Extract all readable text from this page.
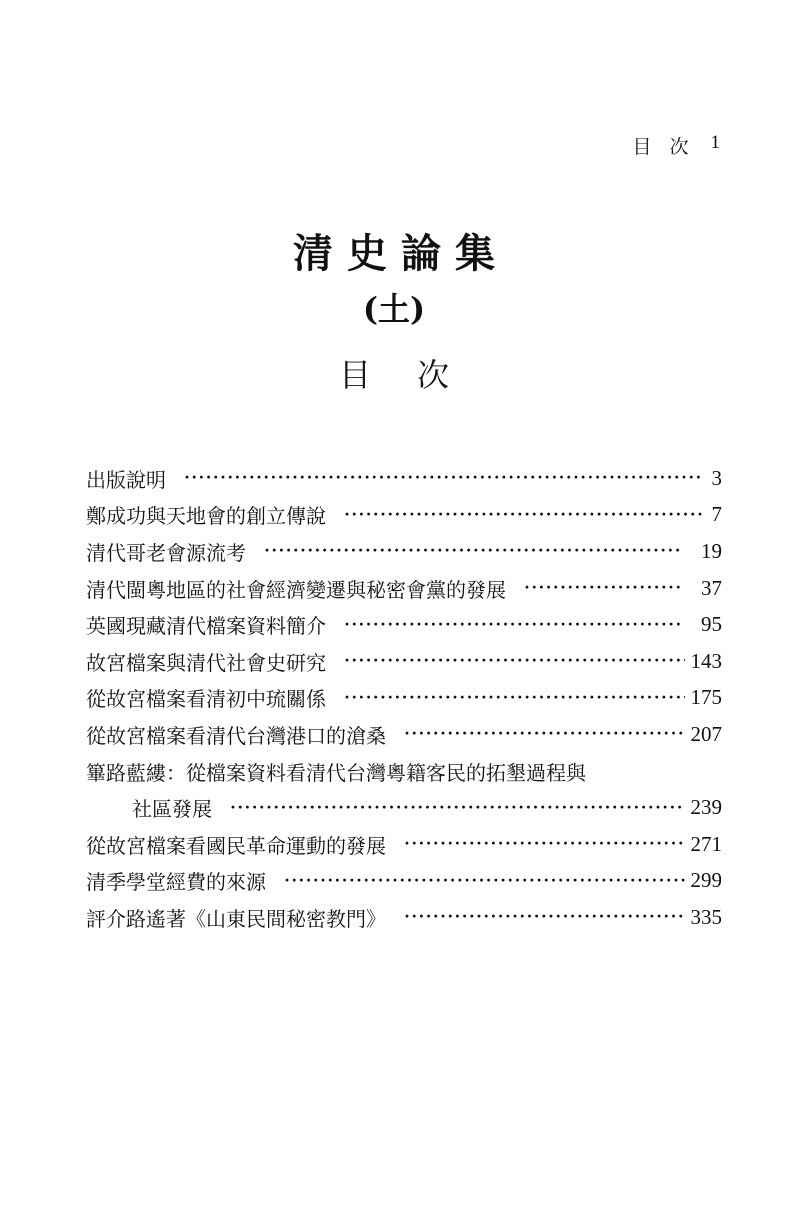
目次 1
清史論集
(土)
目次
出版說明 ·····	3
鄭成功與天地會的創立傳說 ·····	7
清代哥老會源流考 ·····	19
清代閩粵地區的社會經濟變遷與秘密會黨的發展 ·····	37
英國現藏清代檔案資料簡介 ·····	95
故宮檔案與清代社會史研究 ·····	143
從故宮檔案看清初中琉關係 ·····	175
從故宮檔案看清代台灣港口的滄桑 ·····	207
篳路藍縷：從檔案資料看清代台灣粵籍客民的拓墾過程與
社區發展 ·····	239
從故宮檔案看國民革命運動的發展 ·····	271
清季學堂經費的來源 ·····	299
評介路遙著《山東民間秘密教門》 ·····	335
